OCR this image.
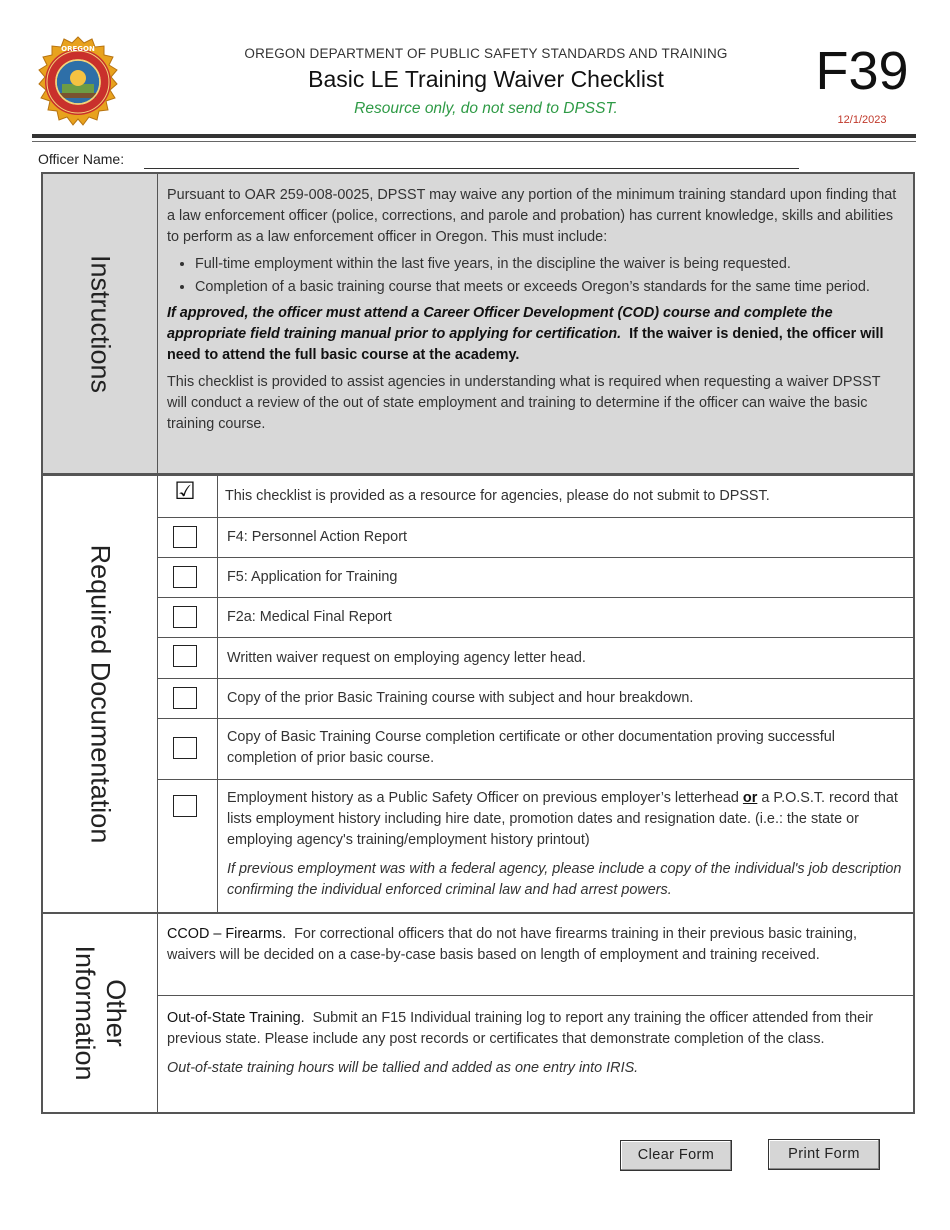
OREGON	OREGON DEPARTMENT OF PUBLIC SAFETY STANDARDS AND TRAINING
Basic LE Training Waiver Checklist
Resource only, do not send to DPSST.
F39
12/1/2023
Officer Name:
Instructions

Pursuant to OAR 259-008-0025, DPSST may waive any portion of the minimum training standard upon finding that a law enforcement officer (police, corrections, and parole and probation) has current knowledge, skills and abilities to perform as a law enforcement officer in Oregon. This must include:

• Full-time employment within the last five years, in the discipline the waiver is being requested.
• Completion of a basic training course that meets or exceeds Oregon’s standards for the same time period.

If approved, the officer must attend a Career Officer Development (COD) course and complete the appropriate field training manual prior to applying for certification. If the waiver is denied, the officer will need to attend the full basic course at the academy.

This checklist is provided to assist agencies in understanding what is required when requesting a waiver DPSST will conduct a review of the out of state employment and training to determine if the officer can waive the basic training course.

Required Documentation
☑ This checklist is provided as a resource for agencies, please do not submit to DPSST.
F4: Personnel Action Report
F5: Application for Training
F2a: Medical Final Report
Written waiver request on employing agency letter head.
Copy of the prior Basic Training course with subject and hour breakdown.
Copy of Basic Training Course completion certificate or other documentation proving successful completion of prior basic course.
Employment history as a Public Safety Officer on previous employer’s letterhead or a P.O.S.T. record that lists employment history including hire date, promotion dates and resignation date. (i.e.: the state or employing agency's training/employment history printout)
If previous employment was with a federal agency, please include a copy of the individual's job description confirming the individual enforced criminal law and had arrest powers.
Other
Information
CCOD – Firearms. For correctional officers that do not have firearms training in their previous basic training, waivers will be decided on a case-by-case basis based on length of employment and training received.
Out-of-State Training. Submit an F15 Individual training log to report any training the officer attended from their previous state. Please include any post records or certificates that demonstrate completion of the class.
Out-of-state training hours will be tallied and added as one entry into IRIS.
Clear Form	Print Form
